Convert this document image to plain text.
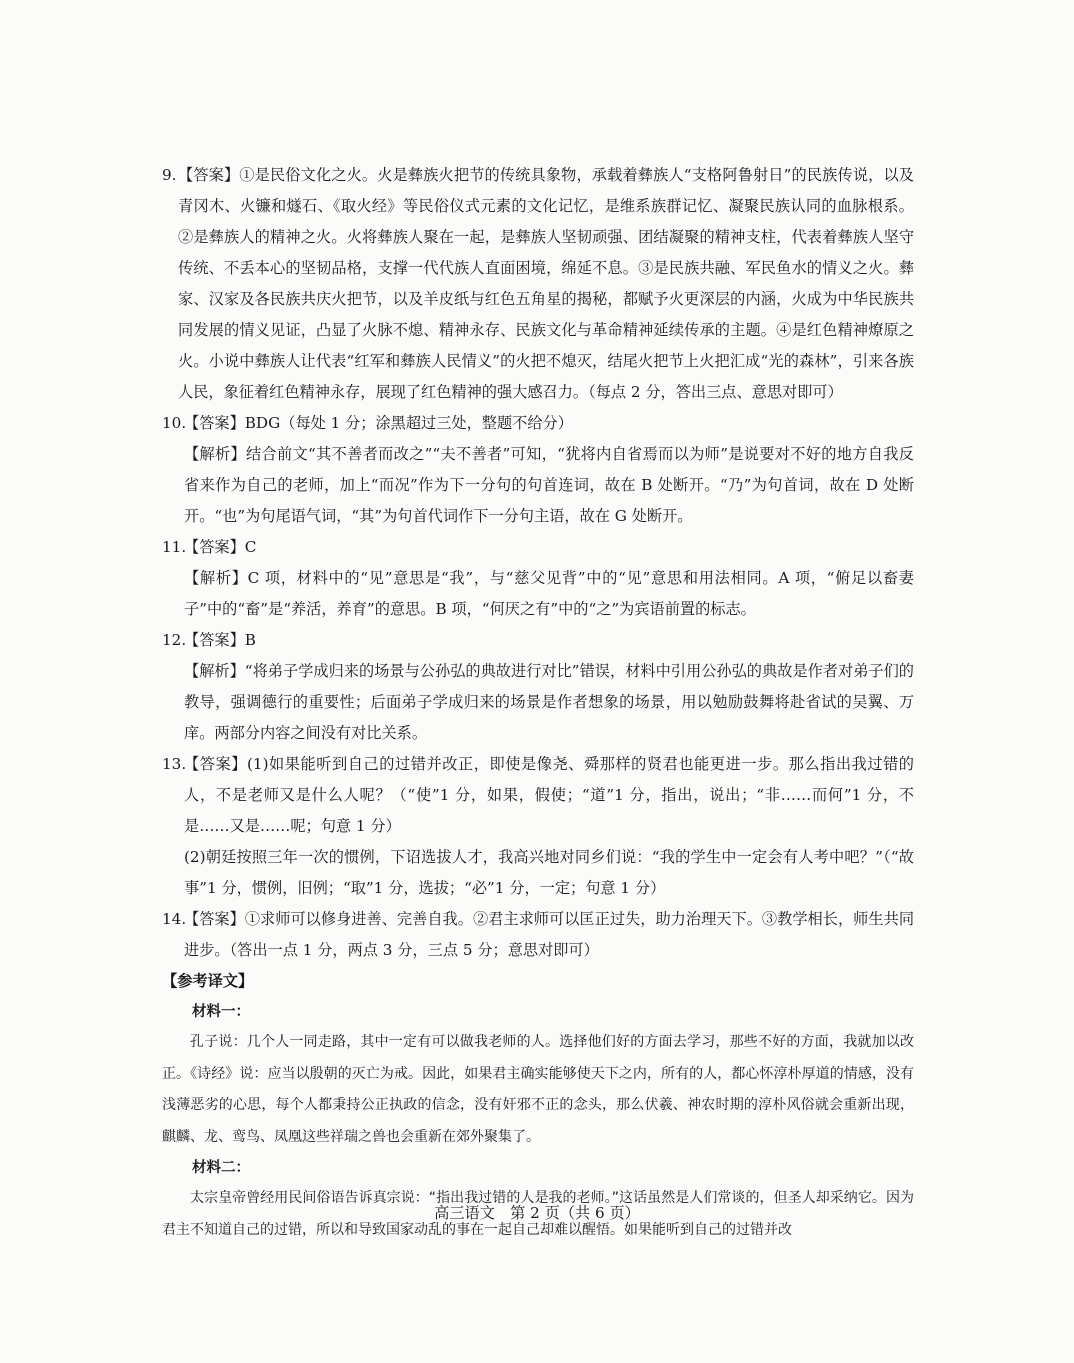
9. 【答案】①是民俗文化之火。火是彝族火把节的传统具象物，承载着彝族人“支格阿鲁射日”的民族传说，以及青冈木、火镰和燧石、《取火经》等民俗仪式元素的文化记忆，是维系族群记忆、凝聚民族认同的血脉根系。②是彝族人的精神之火。火将彝族人聚在一起，是彝族人坚韧顽强、团结凝聚的精神支柱，代表着彝族人坚守传统、不丢本心的坚韧品格，支撑一代代族人直面困境，绵延不息。③是民族共融、军民鱼水的情义之火。彝家、汉家及各民族共庆火把节，以及羊皮纸与红色五角星的揭秘，都赋予火更深层的内涵，火成为中华民族共同发展的情义见证，凸显了火脉不熄、精神永存、民族文化与革命精神延续传承的主题。④是红色精神燎原之火。小说中彝族人让代表“红军和彝族人民情义”的火把不熄灭，结尾火把节上火把汇成“光的森林”，引来各族人民，象征着红色精神永存，展现了红色精神的强大感召力。（每点 2 分，答出三点、意思对即可）

10.
【答案】BDG（每处 1 分；涂黑超过三处，整题不给分）

【解析】结合前文“其不善者而改之”“夫不善者”可知，“犹将内自省焉而以为师”是说要对不好的地方自我反省来作为自己的老师，加上“而况”作为下一分句的句首连词，故在 B 处断开。“乃”为句首词，故在 D 处断开。“也”为句尾语气词，“其”为句首代词作下一分句主语，故在 G 处断开。

11.
【答案】C

【解析】C 项，材料中的“见”意思是“我”，与“慈父见背”中的“见”意思和用法相同。A 项，“俯足以畜妻子”中的“畜”是“养活，养育”的意思。B 项，“何厌之有”中的“之”为宾语前置的标志。

12.
【答案】B

【解析】“将弟子学成归来的场景与公孙弘的典故进行对比”错误，材料中引用公孙弘的典故是作者对弟子们的教导，强调德行的重要性；后面弟子学成归来的场景是作者想象的场景，用以勉励鼓舞将赴省试的吴翼、万庠。两部分内容之间没有对比关系。

13.
【答案】(1)如果能听到自己的过错并改正，即使是像尧、舜那样的贤君也能更进一步。那么指出我过错的人，不是老师又是什么人呢？（“使”1 分，如果，假使；“道”1 分，指出，说出；“非……而何”1 分，不是……又是……呢；句意 1 分）

(2)朝廷按照三年一次的惯例，下诏选拔人才，我高兴地对同乡们说：“我的学生中一定会有人考中吧？”（“故事”1 分，惯例，旧例；“取”1 分，选拔；“必”1 分，一定；句意 1 分）

14.
【答案】①求师可以修身进善、完善自我。②君主求师可以匡正过失，助力治理天下。③教学相长，师生共同进步。（答出一点 1 分，两点 3 分，三点 5 分；意思对即可）

【参考译文】

材料一：

孔子说：几个人一同走路，其中一定有可以做我老师的人。选择他们好的方面去学习，那些不好的方面，我就加以改正。《诗经》说：应当以殷朝的灭亡为戒。因此，如果君主确实能够使天下之内，所有的人，都心怀淳朴厚道的情感，没有浅薄恶劣的心思，每个人都秉持公正执政的信念，没有奸邪不正的念头，那么伏羲、神农时期的淳朴风俗就会重新出现，麒麟、龙、鸾鸟、凤凰这些祥瑞之兽也会重新在郊外聚集了。

材料二：

太宗皇帝曾经用民间俗语告诉真宗说：“指出我过错的人是我的老师。”这话虽然是人们常谈的，但圣人却采纳它。因为君主不知道自己的过错，所以和导致国家动乱的事在一起自己却难以醒悟。如果能听到自己的过错并改

高三语文　第 2 页（共 6 页）
